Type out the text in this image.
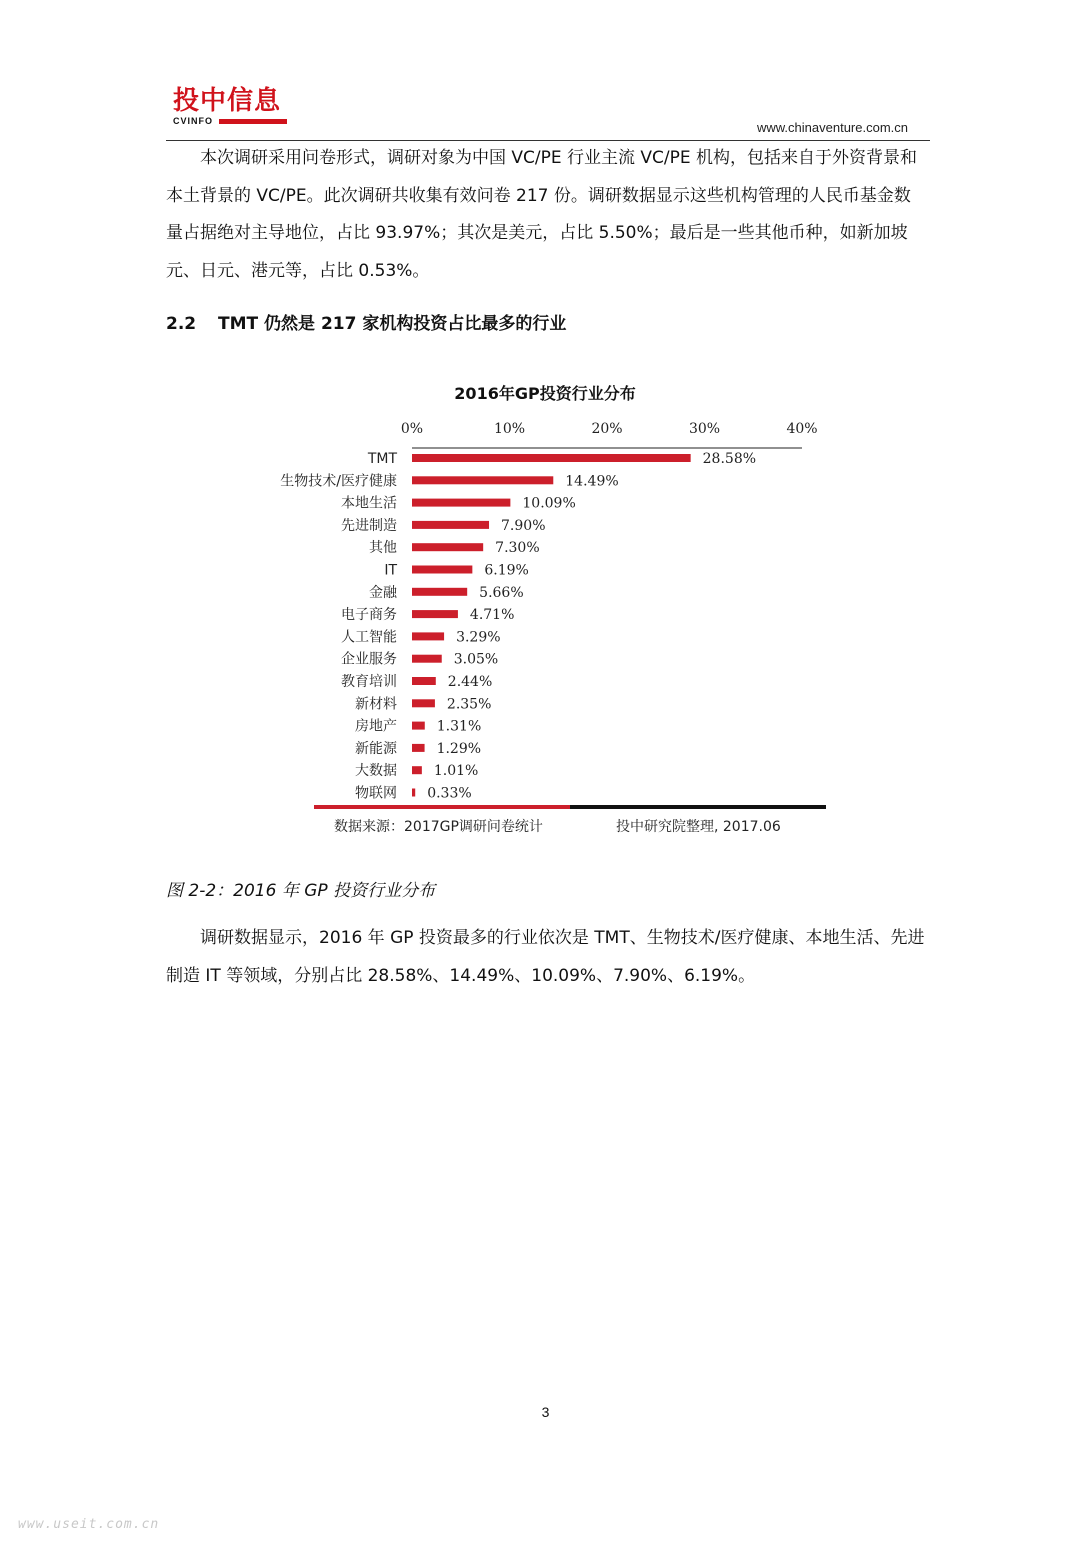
投中信息
CVINFO	www.chinaventure.com.cn

本次调研采用问卷形式，调研对象为中国 VC/PE 行业主流 VC/PE 机构，包括来自于外资背景和本土背景的 VC/PE。此次调研共收集有效问卷 217 份。调研数据显示这些机构管理的人民币基金数量占据绝对主导地位，占比 93.97%；其次是美元，占比 5.50%；最后是一些其他币种，如新加坡元、日元、港元等，占比 0.53%。

2.2 TMT 仍然是 217 家机构投资占比最多的行业
2016年GP投资行业分布
0%	10%	20%	30%	40%
TMT	28.58%
生物技术/医疗健康	14.49%
本地生活	10.09%
先进制造	7.90%
其他	7.30%
IT	6.19%
金融	5.66%
电子商务	4.71%
人工智能	3.29%
企业服务	3.05%
教育培训	2.44%
新材料	2.35%
房地产	1.31%
新能源	1.29%
大数据	1.01%
物联网 0.33%
数据来源：2017GP调研问卷统计	投中研究院整理, 2017.06
图 2-2：2016 年 GP 投资行业分布

调研数据显示，2016 年 GP 投资最多的行业依次是 TMT、生物技术/医疗健康、本地生活、先进制造 IT 等领域，分别占比 28.58%、14.49%、10.09%、7.90%、6.19%。

3
www.useit.com.cn
